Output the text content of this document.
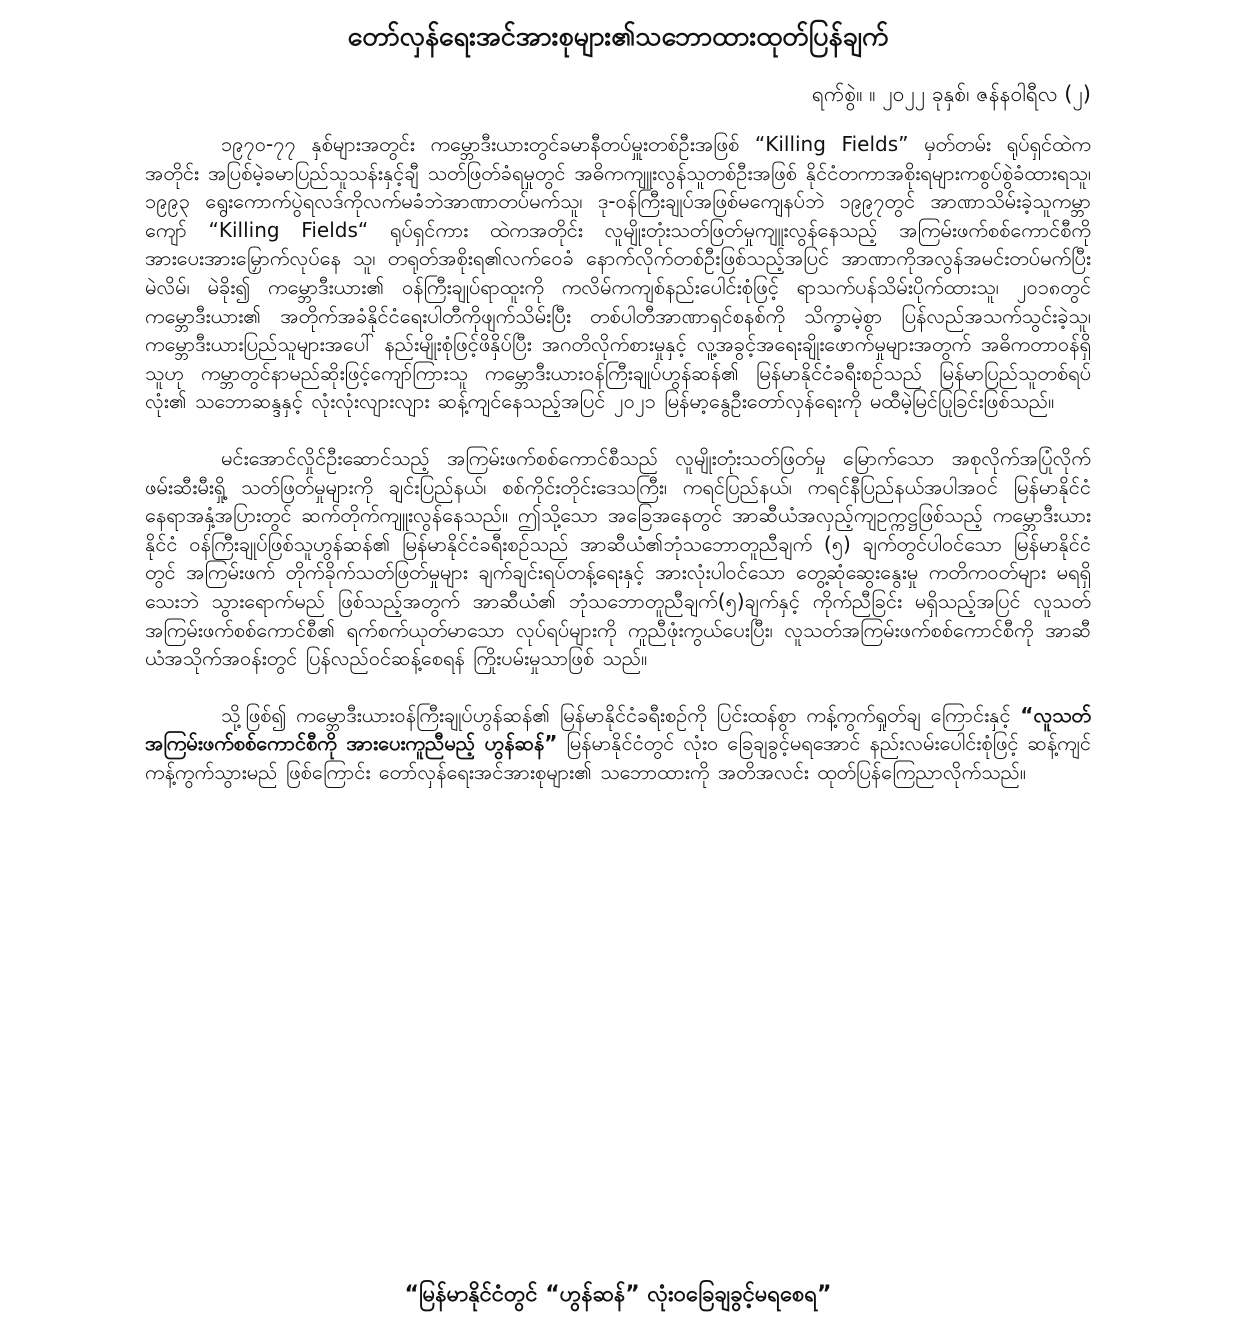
တော်လှန်ရေးအင်အားစုများ၏သဘောထားထုတ်ပြန်ချက်
ရက်စွဲ။ ။ ၂၀၂၂ ခုနှစ်၊ ဇန်နဝါရီလ (၂)

၁၉၇၀-၇၇ နှစ်များအတွင်း ကမ္ဘောဒီးယားတွင်ခမာနီတပ်မှူးတစ်ဦးအဖြစ် “Killing Fields” မှတ်တမ်း ရုပ်ရှင်ထဲကအတိုင်း အပြစ်မဲ့ခမာပြည်သူသန်းနှင့်ချီ သတ်ဖြတ်ခံရမှုတွင် အဓိကကျူးလွန်သူတစ်ဦးအဖြစ် နိုင်ငံတကာအစိုးရများကစွပ်စွဲခံထားရသူ၊ ၁၉၉၃ ရွေးကောက်ပွဲရလဒ်ကိုလက်မခံဘဲအာဏာတပ်မက်သူ၊ ဒု-ဝန်ကြီးချုပ်အဖြစ်မကျေနပ်ဘဲ ၁၉၉၇တွင် အာဏာသိမ်းခဲ့သူကမ္ဘာကျော် “Killing Fields“ ရုပ်ရှင်ကား ထဲကအတိုင်း လူမျိုးတုံးသတ်ဖြတ်မှုကျူးလွန်နေသည့် အကြမ်းဖက်စစ်ကောင်စီကို အားပေးအားမြှောက်လုပ်နေ သူ၊ တရုတ်အစိုးရ၏လက်ဝေခံ နောက်လိုက်တစ်ဦးဖြစ်သည့်အပြင် အာဏာကိုအလွန်အမင်းတပ်မက်ပြီး မဲလိမ်၊ မဲခိုး၍ ကမ္ဘောဒီးယား၏ ဝန်ကြီးချုပ်ရာထူးကို ကလိမ်ကကျစ်နည်းပေါင်းစုံဖြင့် ရာသက်ပန်သိမ်းပိုက်ထားသူ၊ ၂၀၁၈တွင် ကမ္ဘောဒီးယား၏ အတိုက်အခံနိုင်ငံရေးပါတီကိုဖျက်သိမ်းပြီး တစ်ပါတီအာဏာရှင်စနစ်ကို သိက္ခာမဲ့စွာ ပြန်လည်အသက်သွင်းခဲ့သူ၊ ကမ္ဘောဒီးယားပြည်သူများအပေါ် နည်းမျိုးစုံဖြင့်ဖိနှိပ်ပြီး အဂတိလိုက်စားမှုနှင့် လူ့အခွင့်အရေးချိုးဖောက်မှုများအတွက် အဓိကတာဝန်ရှိသူဟု ကမ္ဘာတွင်နာမည်ဆိုးဖြင့်ကျော်ကြားသူ ကမ္ဘောဒီးယားဝန်ကြီးချုပ်ဟွန်ဆန်၏ မြန်မာနိုင်ငံခရီးစဉ်သည် မြန်မာပြည်သူတစ်ရပ်လုံး၏ သဘောဆန္ဒနှင့် လုံးလုံးလျားလျား ဆန့်ကျင်နေသည့်အပြင် ၂၀၂၁ မြန်မာ့နွေဦးတော်လှန်ရေးကို မထီမဲ့မြင်ပြုခြင်းဖြစ်သည်။

မင်းအောင်လှိုင်ဦးဆောင်သည့် အကြမ်းဖက်စစ်ကောင်စီသည် လူမျိုးတုံးသတ်ဖြတ်မှု မြောက်သော အစုလိုက်အပြုံလိုက် ဖမ်းဆီးမီးရှို့ သတ်ဖြတ်မှုများကို ချင်းပြည်နယ်၊ စစ်ကိုင်းတိုင်းဒေသကြီး၊ ကရင်ပြည်နယ်၊ ကရင်နီပြည်နယ်အပါအဝင် မြန်မာနိုင်ငံ နေရာအနှံ့အပြားတွင် ဆက်တိုက်ကျူးလွန်နေသည်။ ဤသို့သော အခြေအနေတွင် အာဆီယံအလှည့်ကျဥက္ကဋ္ဌဖြစ်သည့် ကမ္ဘောဒီးယားနိုင်ငံ ဝန်ကြီးချုပ်ဖြစ်သူဟွန်ဆန်၏ မြန်မာနိုင်ငံခရီးစဉ်သည် အာဆီယံ၏ဘုံသဘောတူညီချက် (၅) ချက်တွင်ပါဝင်သော မြန်မာနိုင်ငံတွင် အကြမ်းဖက် တိုက်ခိုက်သတ်ဖြတ်မှုများ ချက်ချင်းရပ်တန့်ရေးနှင့် အားလုံးပါဝင်သော တွေ့ဆုံဆွေးနွေးမှု ကတိကဝတ်များ မရရှိသေးဘဲ သွားရောက်မည် ဖြစ်သည့်အတွက် အာဆီယံ၏ ဘုံသဘောတူညီချက်(၅)ချက်နှင့် ကိုက်ညီခြင်း မရှိသည့်အပြင် လူသတ်အကြမ်းဖက်စစ်ကောင်စီ၏ ရက်စက်ယုတ်မာသော လုပ်ရပ်များကို ကူညီဖုံးကွယ်ပေးပြီး၊ လူသတ်အကြမ်းဖက်စစ်ကောင်စီကို အာဆီယံအသိုက်အဝန်းတွင် ပြန်လည်ဝင်ဆန့်စေရန် ကြိုးပမ်းမှုသာဖြစ် သည်။

သို့ဖြစ်၍ ကမ္ဘောဒီးယားဝန်ကြီးချုပ်ဟွန်ဆန်၏ မြန်မာနိုင်ငံခရီးစဉ်ကို ပြင်းထန်စွာ ကန့်ကွက်ရှုတ်ချ ကြောင်းနှင့် “လူသတ်အကြမ်းဖက်စစ်ကောင်စီကို အားပေးကူညီမည့် ဟွန်ဆန်” မြန်မာနိုင်ငံတွင် လုံးဝ ခြေချခွင့်မရအောင် နည်းလမ်းပေါင်းစုံဖြင့် ဆန့်ကျင်ကန့်ကွက်သွားမည် ဖြစ်ကြောင်း တော်လှန်ရေးအင်အားစုများ၏ သဘောထားကို အတိအလင်း ထုတ်ပြန်ကြေညာလိုက်သည်။

“မြန်မာနိုင်ငံတွင် “ဟွန်ဆန်” လုံးဝခြေချခွင့်မရစေရ”
